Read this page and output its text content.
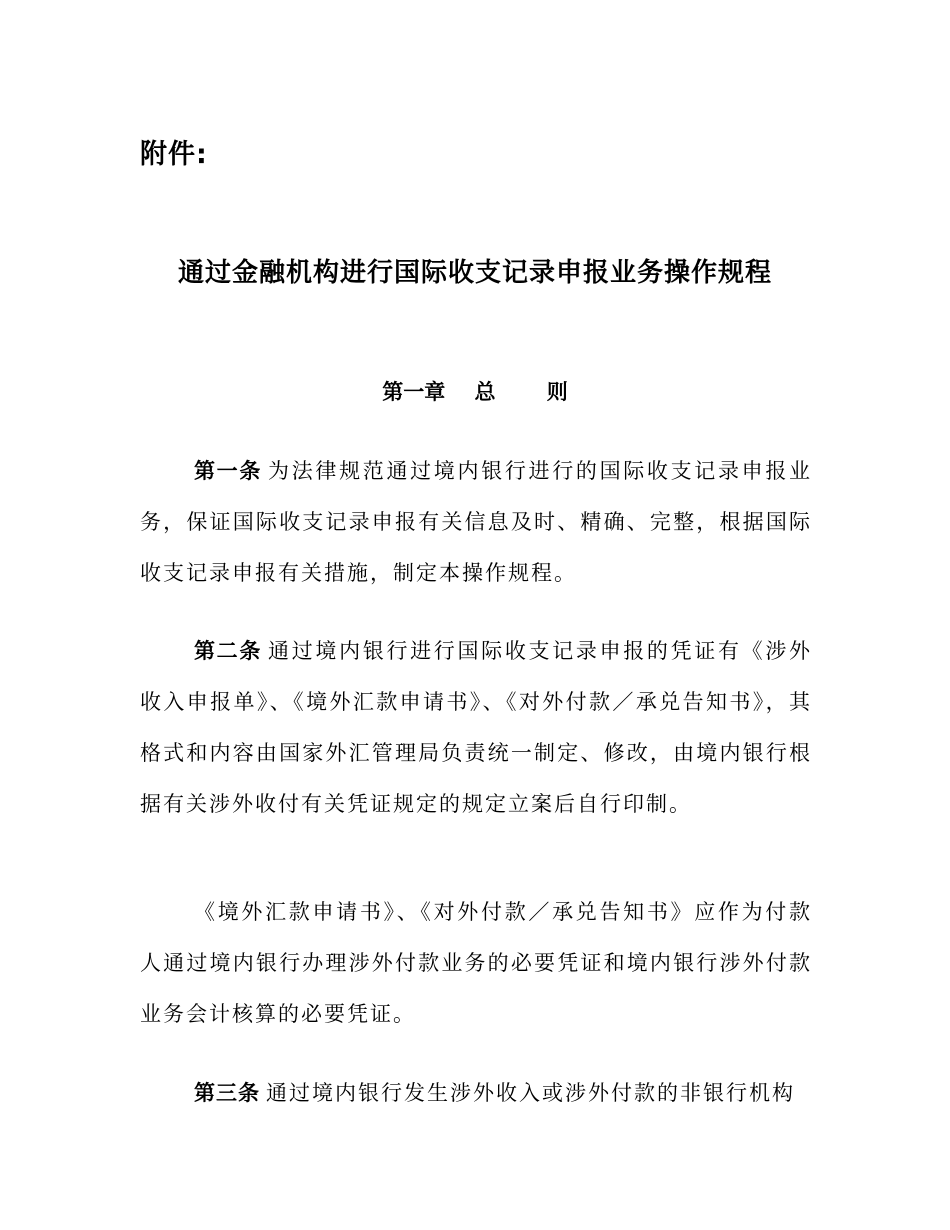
附件:
通过金融机构进行国际收支记录申报业务操作规程
第一章    总       则

第一条 为法律规范通过境内银行进行的国际收支记录申报业务，保证国际收支记录申报有关信息及时、精确、完整，根据国际收支记录申报有关措施，制定本操作规程。

第二条 通过境内银行进行国际收支记录申报的凭证有《涉外收入申报单》、《境外汇款申请书》、《对外付款／承兑告知书》，其格式和内容由国家外汇管理局负责统一制定、修改，由境内银行根据有关涉外收付有关凭证规定的规定立案后自行印制。

《境外汇款申请书》、《对外付款／承兑告知书》应作为付款人通过境内银行办理涉外付款业务的必要凭证和境内银行涉外付款业务会计核算的必要凭证。

第三条 通过境内银行发生涉外收入或涉外付款的非银行机构
